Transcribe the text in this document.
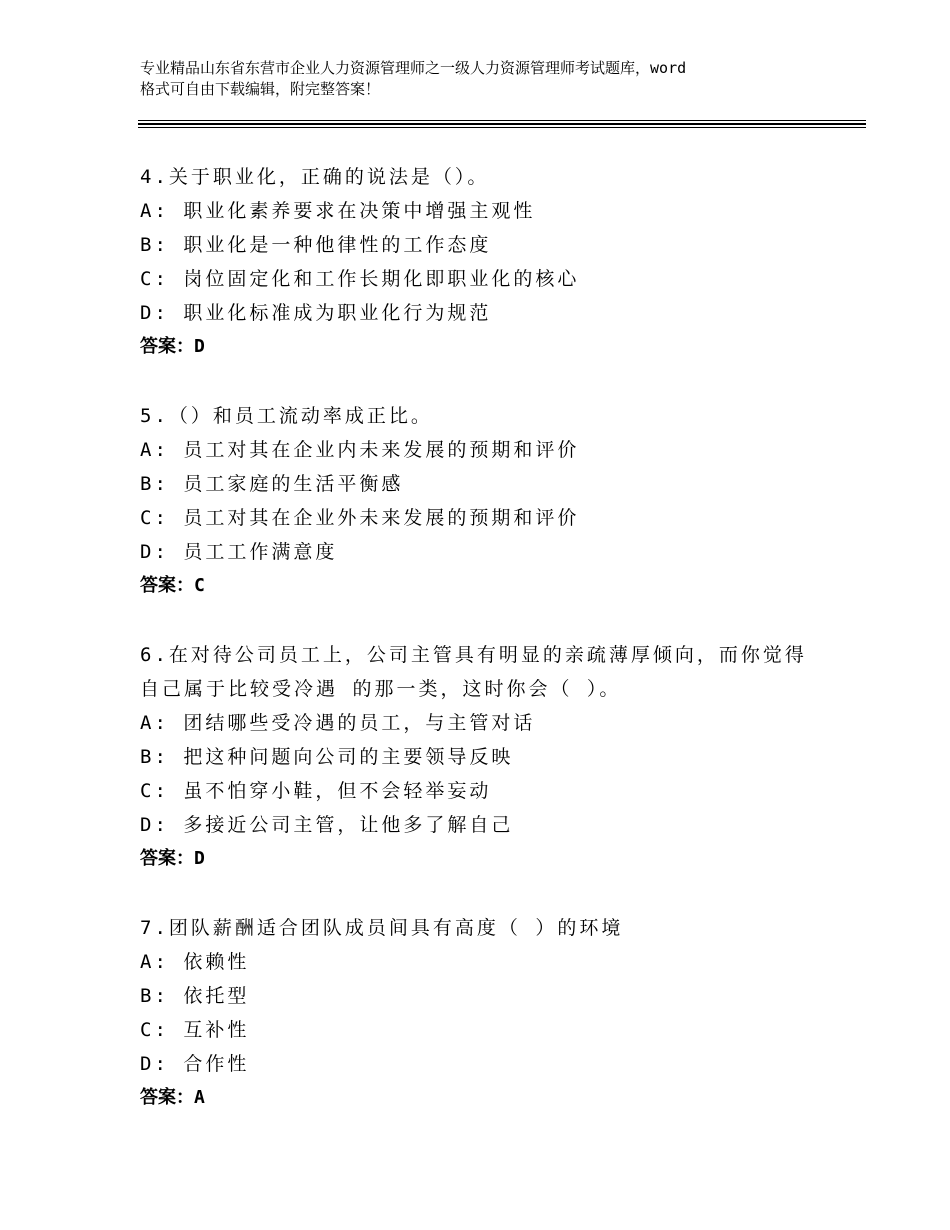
专业精品山东省东营市企业人力资源管理师之一级人力资源管理师考试题库，word
格式可自由下载编辑，附完整答案！
4.关于职业化，正确的说法是（）。
A: 职业化素养要求在决策中增强主观性
B: 职业化是一种他律性的工作态度
C: 岗位固定化和工作长期化即职业化的核心
D: 职业化标准成为职业化行为规范
答案：D
5.（）和员工流动率成正比。
A: 员工对其在企业内未来发展的预期和评价
B: 员工家庭的生活平衡感
C: 员工对其在企业外未来发展的预期和评价
D: 员工工作满意度
答案：C
6.在对待公司员工上，公司主管具有明显的亲疏薄厚倾向，而你觉得
自己属于比较受冷遇 的那一类，这时你会（ ）。
A: 团结哪些受冷遇的员工，与主管对话
B: 把这种问题向公司的主要领导反映
C: 虽不怕穿小鞋，但不会轻举妄动
D: 多接近公司主管，让他多了解自己
答案：D
7.团队薪酬适合团队成员间具有高度（ ）的环境
A: 依赖性
B: 依托型
C: 互补性
D: 合作性
答案：A
